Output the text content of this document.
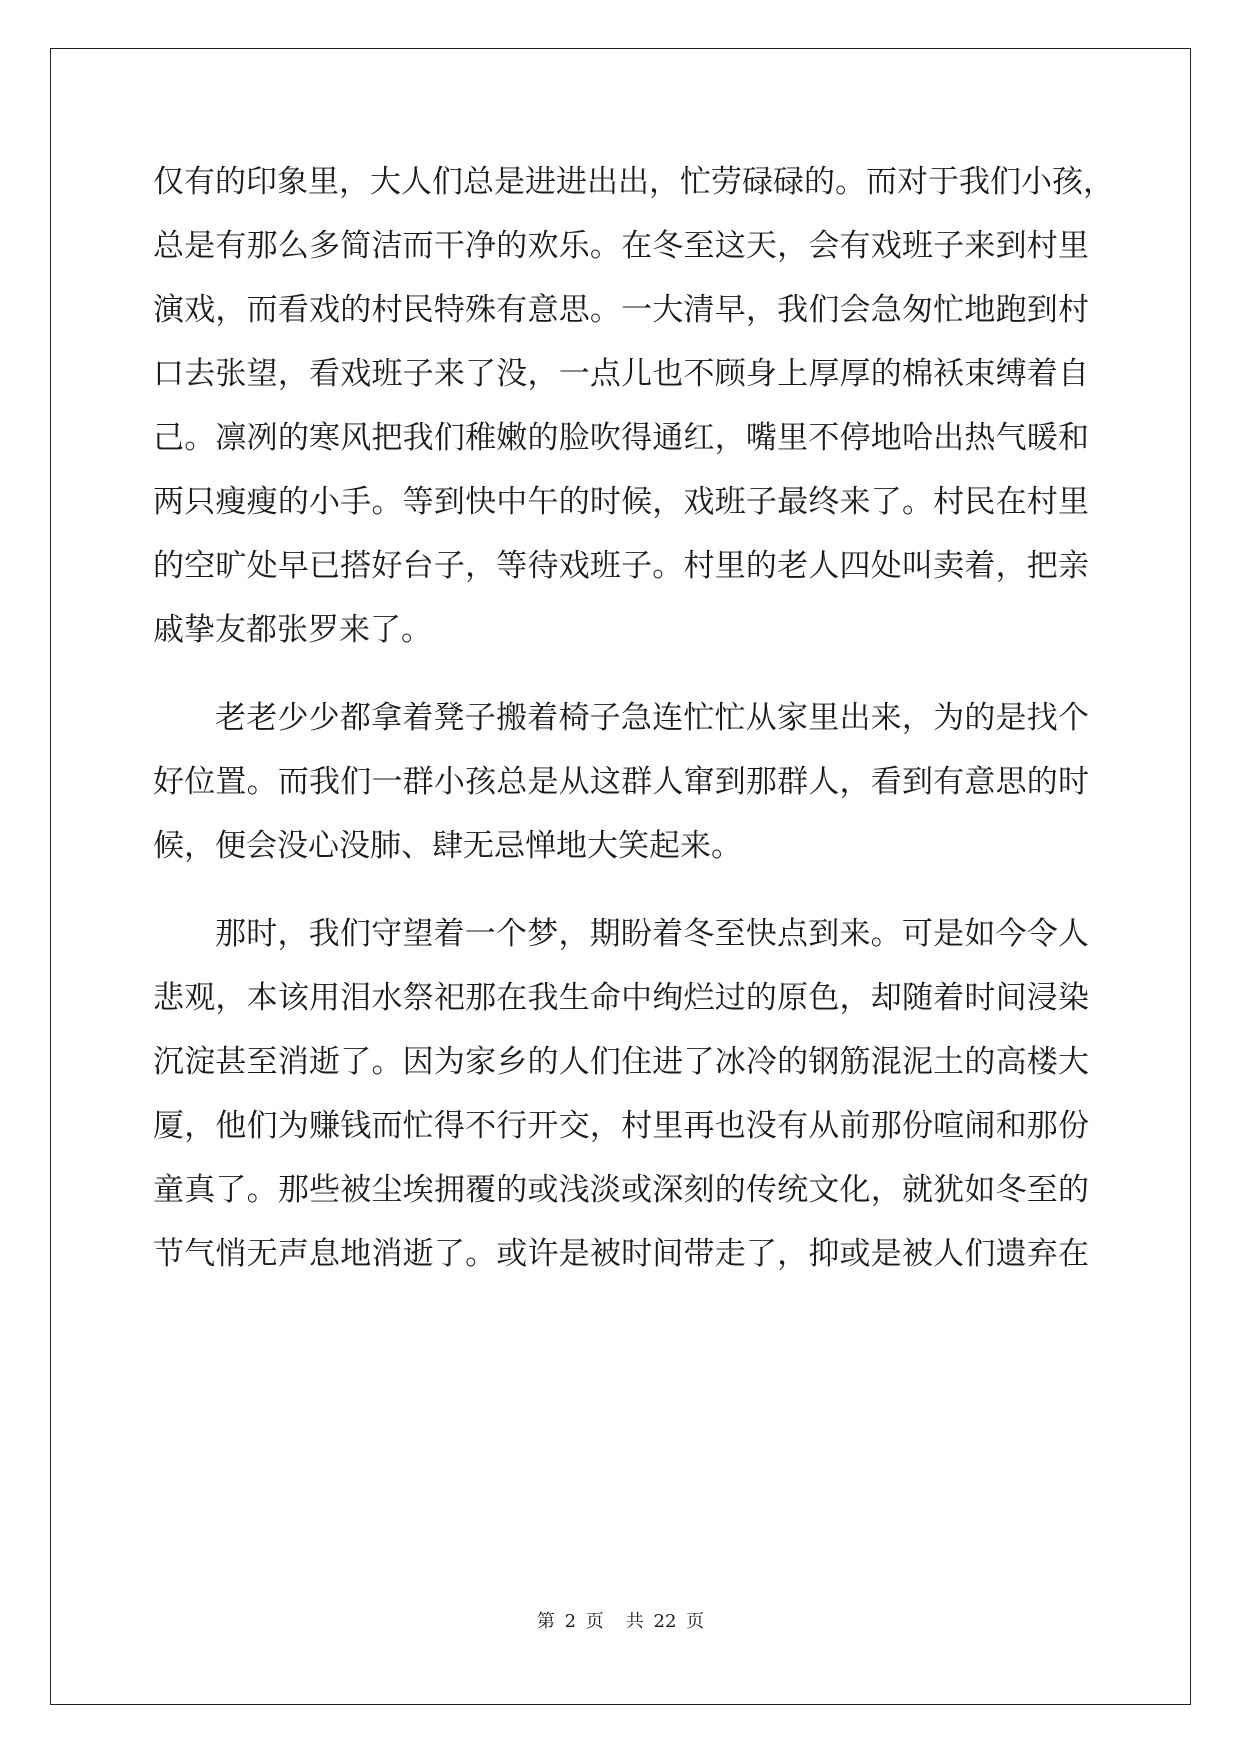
仅有的印象里，大人们总是进进出出，忙劳碌碌的。而对于我们小孩，
总是有那么多简洁而干净的欢乐。在冬至这天，会有戏班子来到村里
演戏，而看戏的村民特殊有意思。一大清早，我们会急匆忙地跑到村
口去张望，看戏班子来了没，一点儿也不顾身上厚厚的棉袄束缚着自
己。凛冽的寒风把我们稚嫩的脸吹得通红，嘴里不停地哈出热气暖和
两只瘦瘦的小手。等到快中午的时候，戏班子最终来了。村民在村里
的空旷处早已搭好台子，等待戏班子。村里的老人四处叫卖着，把亲
戚挚友都张罗来了。
老老少少都拿着凳子搬着椅子急连忙忙从家里出来，为的是找个
好位置。而我们一群小孩总是从这群人窜到那群人，看到有意思的时
候，便会没心没肺、肆无忌惮地大笑起来。
那时，我们守望着一个梦，期盼着冬至快点到来。可是如今令人
悲观，本该用泪水祭祀那在我生命中绚烂过的原色，却随着时间浸染
沉淀甚至消逝了。因为家乡的人们住进了冰冷的钢筋混泥土的高楼大
厦，他们为赚钱而忙得不行开交，村里再也没有从前那份喧闹和那份
童真了。那些被尘埃拥覆的或浅淡或深刻的传统文化，就犹如冬至的
节气悄无声息地消逝了。或许是被时间带走了，抑或是被人们遗弃在
第 2 页 共 22 页
